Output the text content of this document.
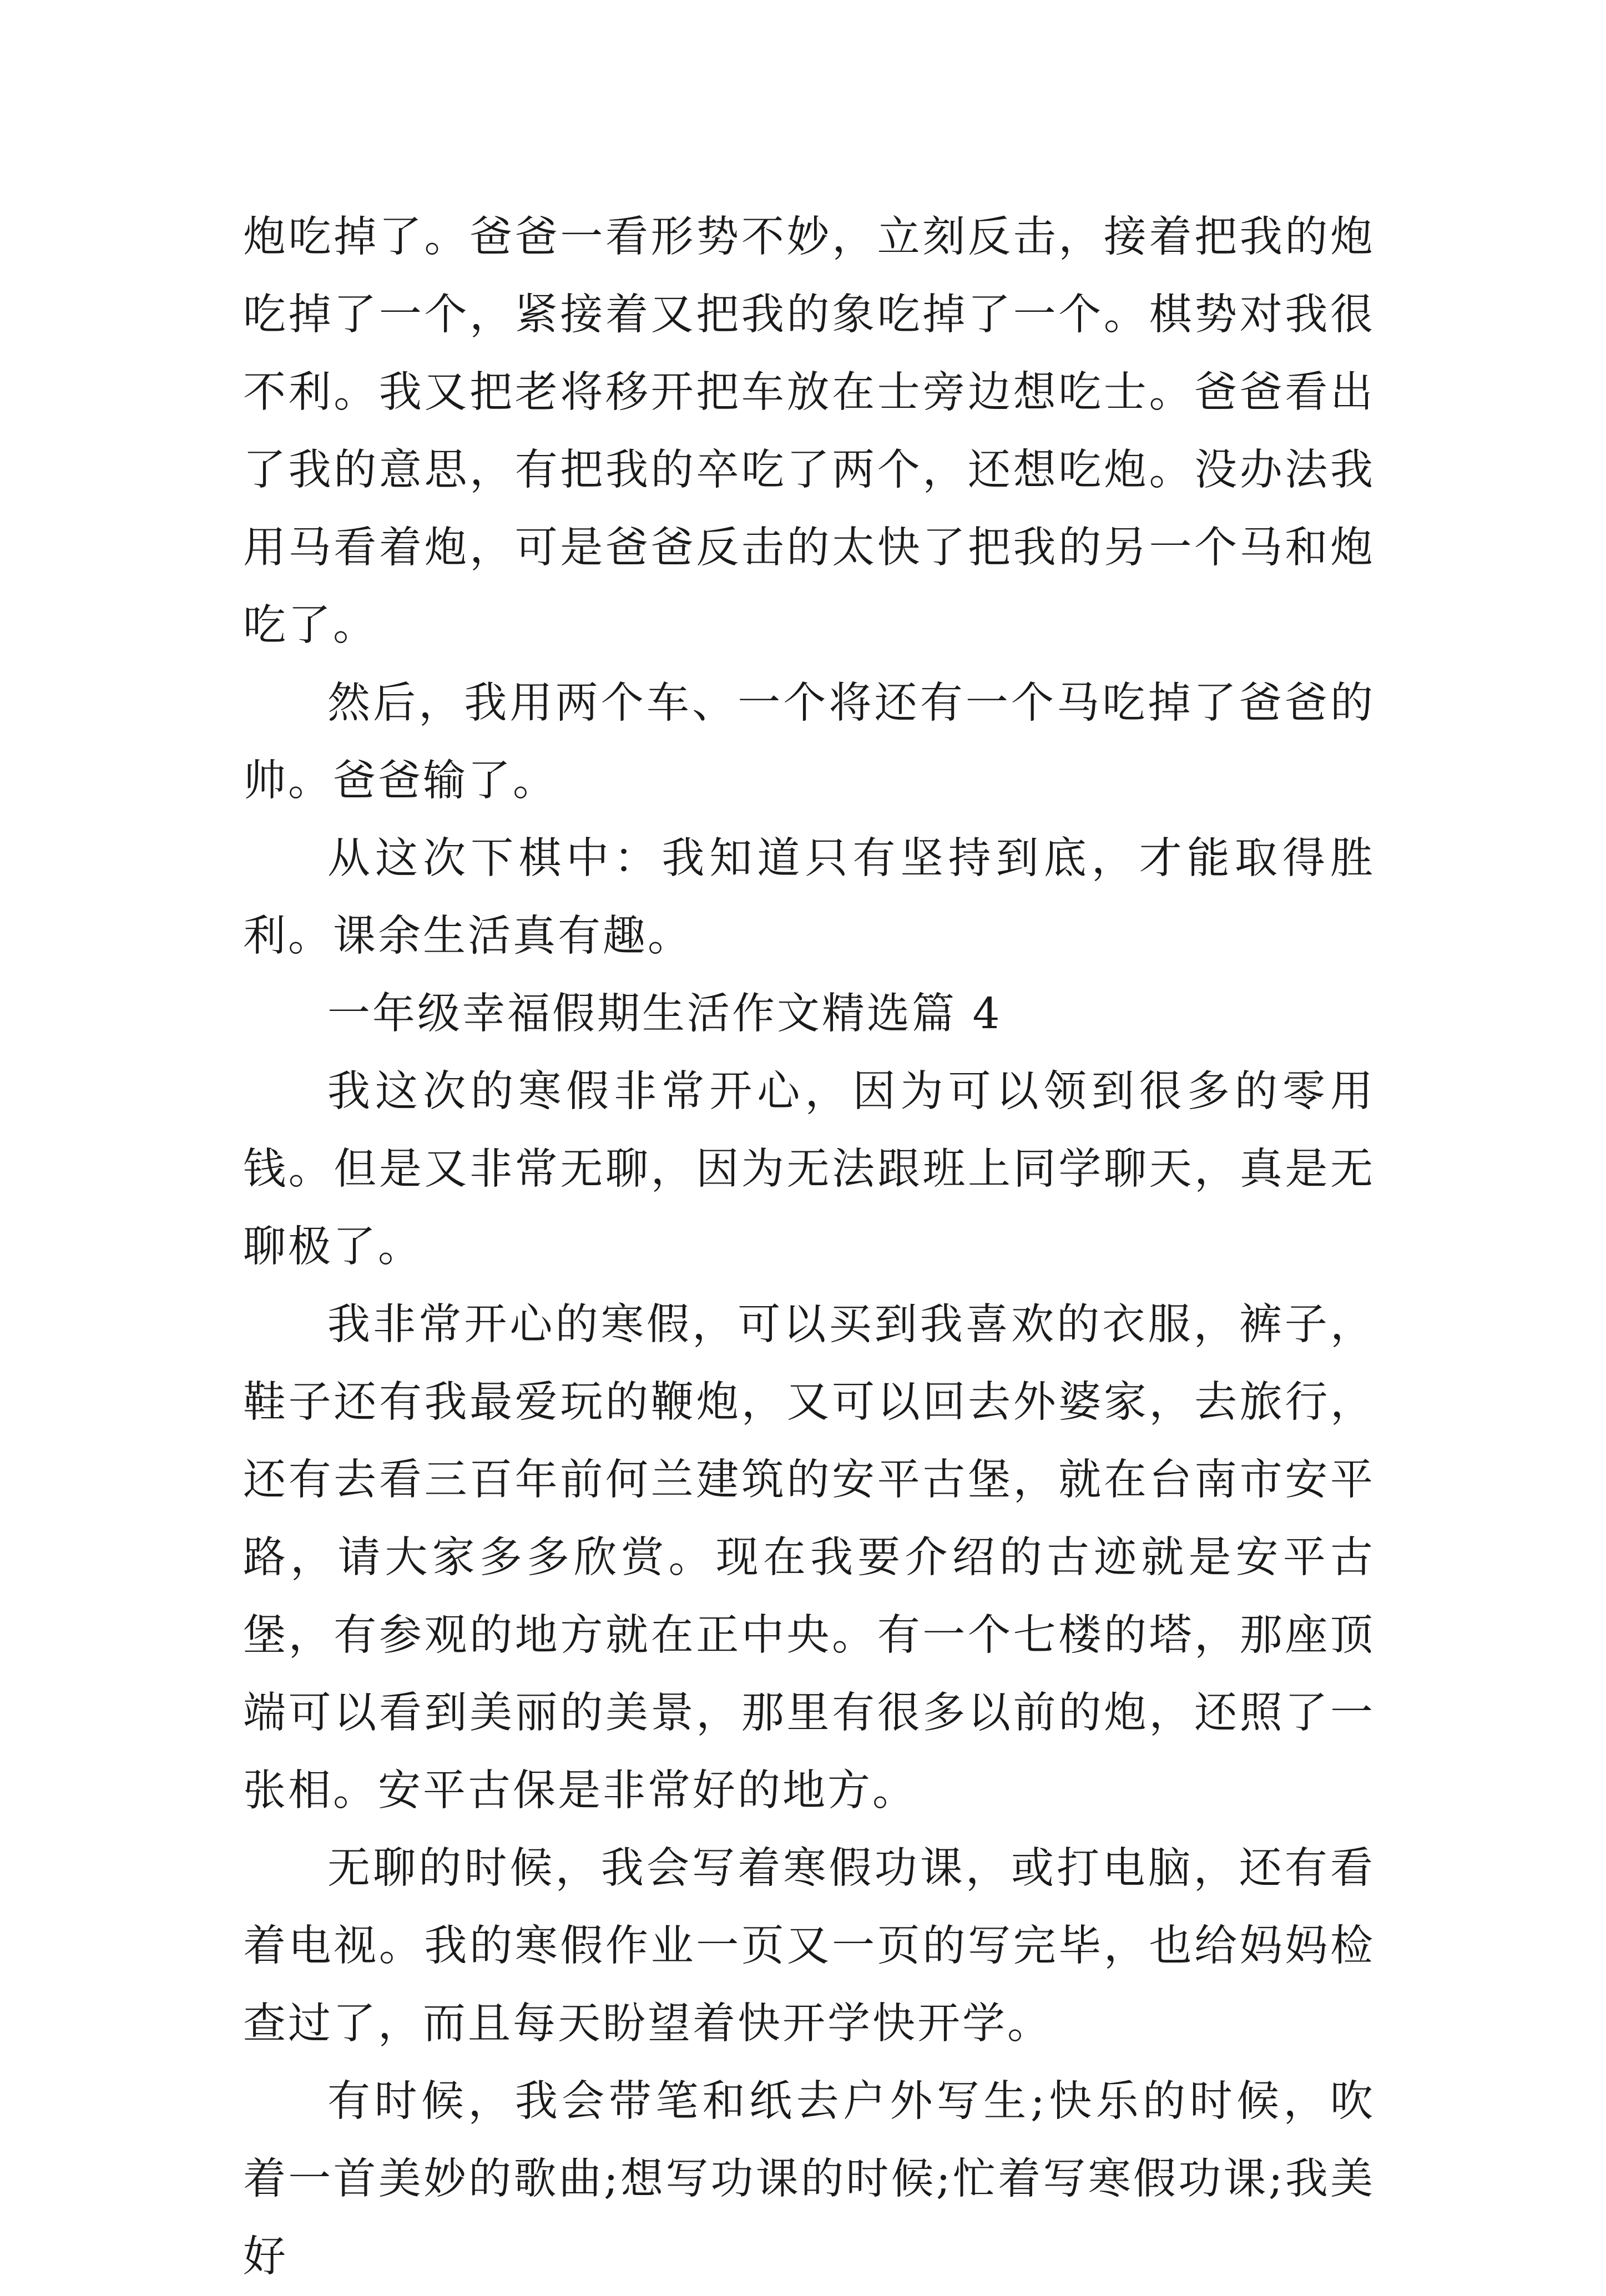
炮吃掉了。爸爸一看形势不妙，立刻反击，接着把我的炮吃掉了一个，紧接着又把我的象吃掉了一个。棋势对我很不利。我又把老将移开把车放在士旁边想吃士。爸爸看出了我的意思，有把我的卒吃了两个，还想吃炮。没办法我用马看着炮，可是爸爸反击的太快了把我的另一个马和炮吃了。

然后，我用两个车、一个将还有一个马吃掉了爸爸的帅。爸爸输了。

从这次下棋中：我知道只有坚持到底，才能取得胜利。课余生活真有趣。

一年级幸福假期生活作文精选篇 4

我这次的寒假非常开心，因为可以领到很多的零用钱。但是又非常无聊，因为无法跟班上同学聊天，真是无聊极了。

我非常开心的寒假，可以买到我喜欢的衣服，裤子，鞋子还有我最爱玩的鞭炮，又可以回去外婆家，去旅行，还有去看三百年前何兰建筑的安平古堡，就在台南市安平路，请大家多多欣赏。现在我要介绍的古迹就是安平古堡，有参观的地方就在正中央。有一个七楼的塔，那座顶端可以看到美丽的美景，那里有很多以前的炮，还照了一张相。安平古保是非常好的地方。

无聊的时候，我会写着寒假功课，或打电脑，还有看着电视。我的寒假作业一页又一页的写完毕，也给妈妈检查过了，而且每天盼望着快开学快开学。

有时候，我会带笔和纸去户外写生;快乐的时候，吹着一首美妙的歌曲;想写功课的时候;忙着写寒假功课;我美好
